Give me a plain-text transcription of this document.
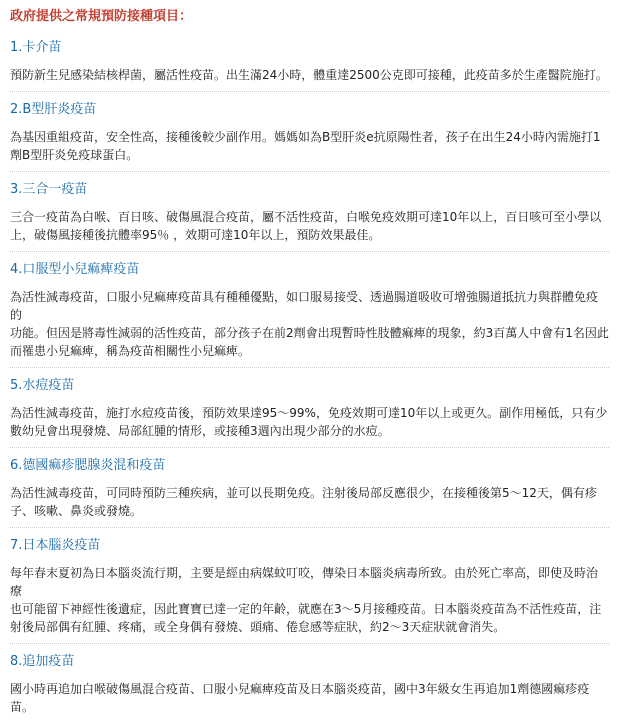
政府提供之常規預防接種項目：
1.卡介苗
預防新生兒感染結核桿菌，屬活性疫苗。出生滿24小時，體重達2500公克即可接種，此疫苗多於生產醫院施打。
2.B型肝炎疫苗
為基因重組疫苗，安全性高，接種後較少副作用。媽媽如為B型肝炎e抗原陽性者，孩子在出生24小時內需施打1
劑B型肝炎免疫球蛋白。
3.三合一疫苗
三合一疫苗為白喉、百日咳、破傷風混合疫苗，屬不活性疫苗，白喉免疫效期可達10年以上，百日咳可至小學以
上，破傷風接種後抗體率95％ ，效期可達10年以上，預防效果最佳。
4.口服型小兒痲痺疫苗
為活性減毒疫苗，口服小兒痲痺疫苗具有種種優點，如口服易接受、透過腸道吸收可增強腸道抵抗力與群體免疫的
功能。但因是將毒性減弱的活性疫苗，部分孩子在前2劑會出現暫時性肢體痲痺的現象，約3百萬人中會有1名因此
而罹患小兒痲痺，稱為疫苗相關性小兒痲痺。
5.水痘疫苗
為活性減毒疫苗，施打水痘疫苗後，預防效果達95～99%，免疫效期可達10年以上或更久。副作用極低，只有少
數幼兒會出現發燒、局部紅腫的情形，或接種3週內出現少部分的水痘。
6.德國痲疹腮腺炎混和疫苗
為活性減毒疫苗，可同時預防三種疾病，並可以長期免疫。注射後局部反應很少，在接種後第5～12天，偶有疹
子、咳嗽、鼻炎或發燒。
7.日本腦炎疫苗
每年春末夏初為日本腦炎流行期，主要是經由病媒蚊叮咬，傳染日本腦炎病毒所致。由於死亡率高，即使及時治療
也可能留下神經性後遺症，因此寶寶已達一定的年齡，就應在3～5月接種疫苗。日本腦炎疫苗為不活性疫苗，注
射後局部偶有紅腫、疼痛，或全身偶有發燒、頭痛、倦怠感等症狀，約2～3天症狀就會消失。
8.追加疫苗
國小時再追加白喉破傷風混合疫苗、口服小兒痲痺疫苗及日本腦炎疫苗，國中3年級女生再追加1劑德國痲疹疫
苗。
